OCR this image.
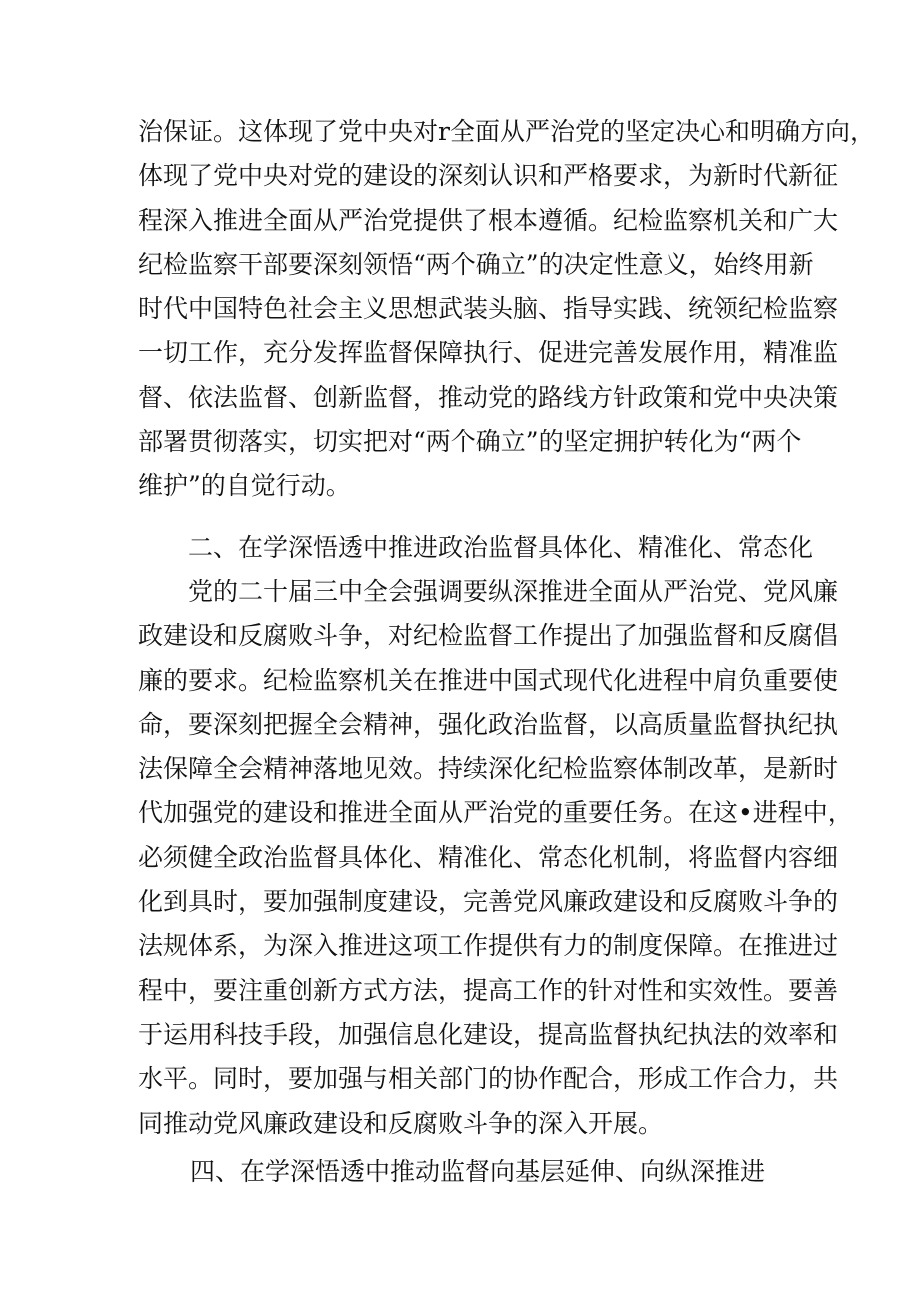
治保证。这体现了党中央对r全面从严治党的坚定决心和明确方向，
体现了党中央对党的建设的深刻认识和严格要求，为新时代新征
程深入推进全面从严治党提供了根本遵循。纪检监察机关和广大
纪检监察干部要深刻领悟“两个确立”的决定性意义，始终用新
时代中国特色社会主义思想武装头脑、指导实践、统领纪检监察
一切工作，充分发挥监督保障执行、促进完善发展作用，精准监
督、依法监督、创新监督，推动党的路线方针政策和党中央决策
部署贯彻落实，切实把对“两个确立”的坚定拥护转化为“两个
维护”的自觉行动。
二、在学深悟透中推进政治监督具体化、精准化、常态化
党的二十届三中全会强调要纵深推进全面从严治党、党风廉
政建设和反腐败斗争，对纪检监督工作提出了加强监督和反腐倡
廉的要求。纪检监察机关在推进中国式现代化进程中肩负重要使
命，要深刻把握全会精神，强化政治监督，以高质量监督执纪执
法保障全会精神落地见效。持续深化纪检监察体制改革，是新时
代加强党的建设和推进全面从严治党的重要任务。在这•进程中，
必须健全政治监督具体化、精准化、常态化机制，将监督内容细
化到具时，要加强制度建设，完善党风廉政建设和反腐败斗争的
法规体系，为深入推进这项工作提供有力的制度保障。在推进过
程中，要注重创新方式方法，提高工作的针对性和实效性。要善
于运用科技手段，加强信息化建设，提高监督执纪执法的效率和
水平。同时，要加强与相关部门的协作配合，形成工作合力，共
同推动党风廉政建设和反腐败斗争的深入开展。
四、在学深悟透中推动监督向基层延伸、向纵深推进
